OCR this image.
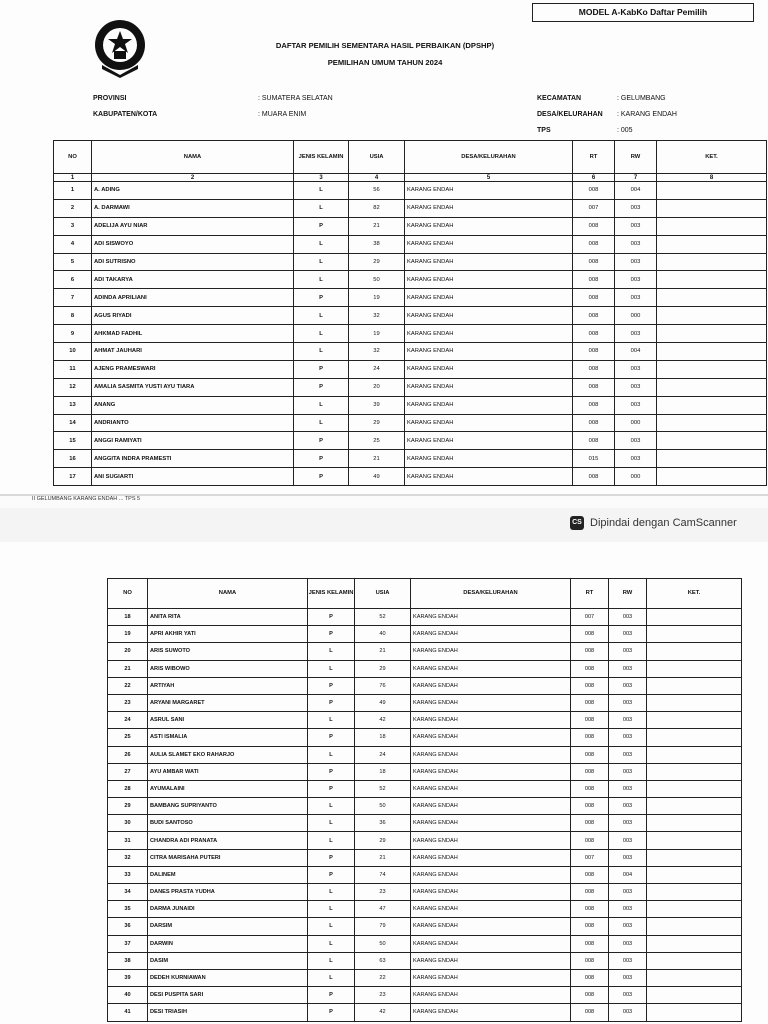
MODEL A-KabKo Daftar Pemilih
DAFTAR PEMILIH SEMENTARA HASIL PERBAIKAN (DPSHP)
PEMILIHAN UMUM TAHUN 2024
PROVINSI	: SUMATERA SELATAN
KABUPATEN/KOTA	: MUARA ENIM
KECAMATAN	: GELUMBANG
DESA/KELURAHAN : KARANG ENDAH
TPS	: 005
NO	NAMA	JENIS KELAMIN	USIA	DESA/KELURAHAN	RT	RW	KET.
1	2	3	4	5	6	7	8
1	A. ADING	L	56	KARANG ENDAH	008	004	
2	A. DARMAWI	L	82	KARANG ENDAH	007	003	
3	ADELIJA AYU NIAR	P	21	KARANG ENDAH	008	003	
4	ADI SISWOYO	L	38	KARANG ENDAH	008	003	
5	ADI SUTRISNO	L	29	KARANG ENDAH	008	003	
6	ADI TAKARYA	L	50	KARANG ENDAH	008	003	
7	ADINDA APRILIANI	P	19	KARANG ENDAH	008	003	
8	AGUS RIYADI	L	32	KARANG ENDAH	008	000	
9	AHKMAD FADHIL	L	19	KARANG ENDAH	008	003	
10	AHMAT JAUHARI	L	32	KARANG ENDAH	008	004	
11	AJENG PRAMESWARI	P	24	KARANG ENDAH	008	003	
12	AMALIA SASMITA YUSTI AYU TIARA	P	20	KARANG ENDAH	008	003	
13	ANANG	L	39	KARANG ENDAH	008	003	
14	ANDRIANTO	L	29	KARANG ENDAH	008	000	
15	ANGGI RAMIYATI	P	25	KARANG ENDAH	008	003	
16	ANGGITA INDRA PRAMESTI	P	21	KARANG ENDAH	015	003	
17	ANI SUGIARTI	P	49	KARANG ENDAH	008	000	
II GELUMBANG KARANG ENDAH ... TPS 5
CS Dipindai dengan CamScanner
NO	NAMA	JENIS KELAMIN	USIA	DESA/KELURAHAN	RT	RW	KET.
18	ANITA RITA	P	52	KARANG ENDAH	007	003	
19	APRI AKHIR YATI	P	40	KARANG ENDAH	008	003	
20	ARIS SUWOTO	L	21	KARANG ENDAH	008	003	
21	ARIS WIBOWO	L	29	KARANG ENDAH	008	003	
22	ARTIYAH	P	76	KARANG ENDAH	008	003	
23	ARYANI MARGARET	P	49	KARANG ENDAH	008	003	
24	ASRUL SANI	L	42	KARANG ENDAH	008	003	
25	ASTI ISMALIA	P	18	KARANG ENDAH	008	003	
26	AULIA SLAMET EKO RAHARJO	L	24	KARANG ENDAH	008	003	
27	AYU AMBAR WATI	P	18	KARANG ENDAH	008	003	
28	AYUMALAINI	P	52	KARANG ENDAH	008	003	
29	BAMBANG SUPRIYANTO	L	50	KARANG ENDAH	008	003	
30	BUDI SANTOSO	L	36	KARANG ENDAH	008	003	
31	CHANDRA ADI PRANATA	L	29	KARANG ENDAH	008	003	
32	CITRA MARISAHA PUTERI	P	21	KARANG ENDAH	007	003	
33	DALINEM	P	74	KARANG ENDAH	008	004	
34	DANES PRASTA YUDHA	L	23	KARANG ENDAH	008	003	
35	DARMA JUNAIDI	L	47	KARANG ENDAH	008	003	
36	DARSIM	L	79	KARANG ENDAH	008	003	
37	DARWIN	L	50	KARANG ENDAH	008	003	
38	DASIM	L	63	KARANG ENDAH	008	003	
39	DEDEH KURNIAWAN	L	22	KARANG ENDAH	008	003	
40	DESI PUSPITA SARI	P	23	KARANG ENDAH	008	003	
41	DESI TRIASIH	P	42	KARANG ENDAH	008	003	
